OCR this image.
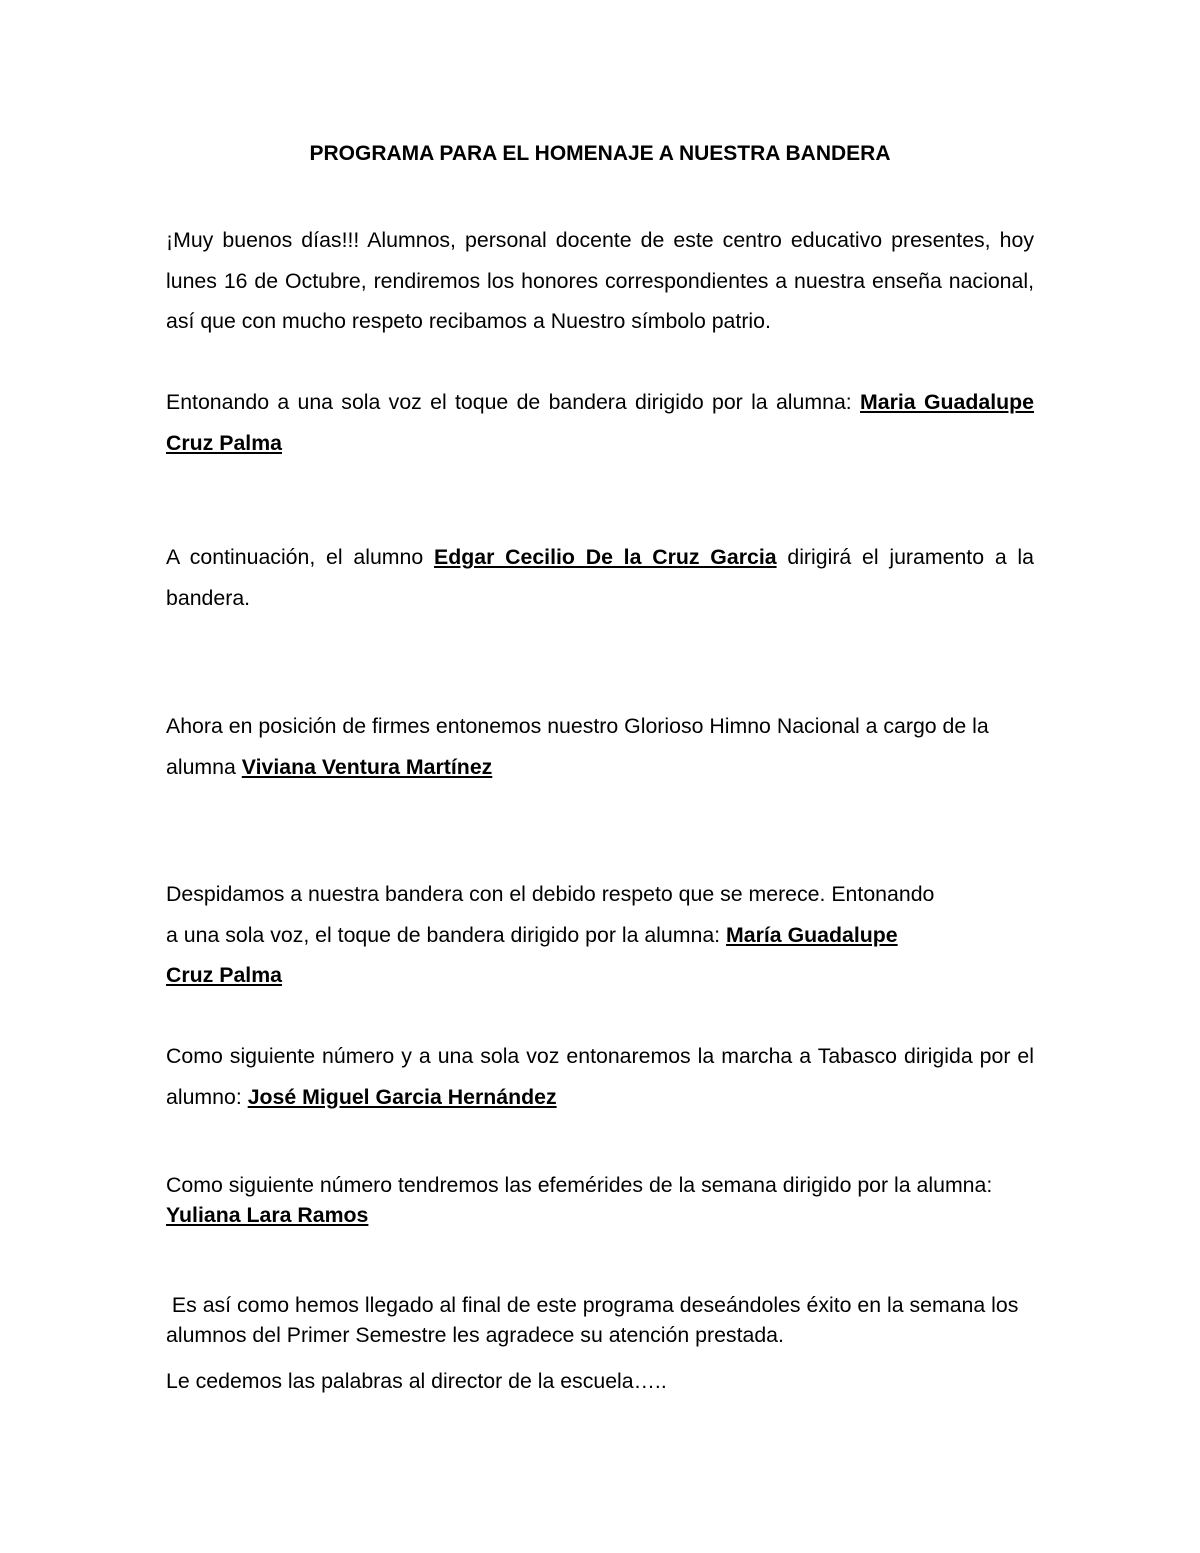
PROGRAMA PARA EL HOMENAJE A NUESTRA BANDERA

¡Muy buenos días!!! Alumnos, personal docente de este centro educativo presentes, hoy lunes 16 de Octubre, rendiremos los honores correspondientes a nuestra enseña nacional, así que con mucho respeto recibamos a Nuestro símbolo patrio.

Entonando a una sola voz el toque de bandera dirigido por la alumna: Maria Guadalupe Cruz Palma

A continuación, el alumno Edgar Cecilio De la Cruz Garcia dirigirá el juramento a la bandera.

Ahora en posición de firmes entonemos nuestro Glorioso Himno Nacional a cargo de la alumna Viviana Ventura Martínez

Despidamos a nuestra bandera con el debido respeto que se merece. Entonando
a una sola voz, el toque de bandera dirigido por la alumna: María Guadalupe
Cruz Palma

Como siguiente número y a una sola voz entonaremos la marcha a Tabasco dirigida por el alumno: José Miguel Garcia Hernández

Como siguiente número tendremos las efemérides de la semana dirigido por la alumna: Yuliana Lara Ramos

Es así como hemos llegado al final de este programa deseándoles éxito en la semana los alumnos del Primer Semestre les agradece su atención prestada.

Le cedemos las palabras al director de la escuela…..
